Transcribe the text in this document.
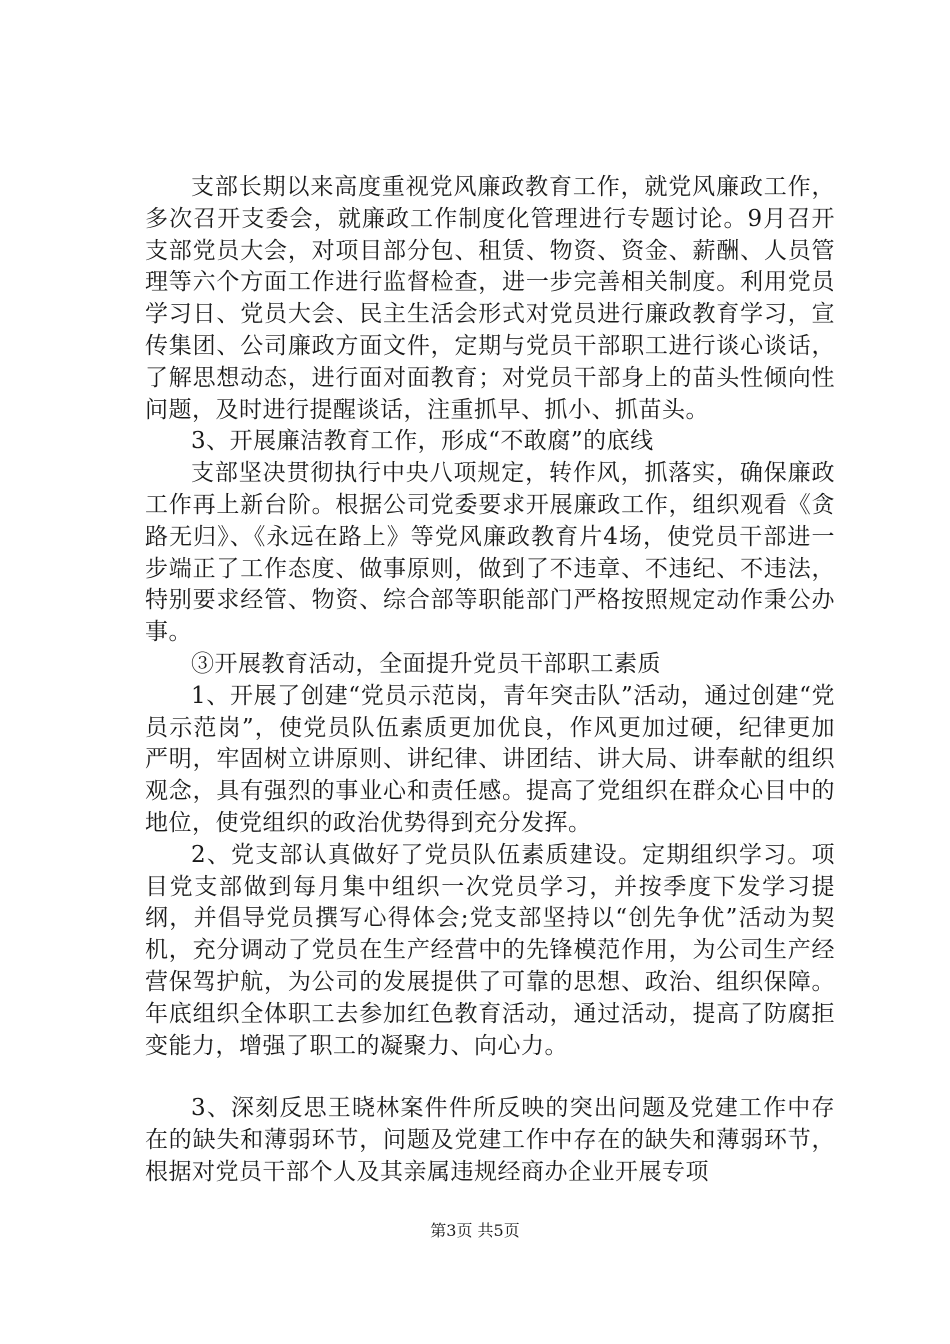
支部长期以来高度重视党风廉政教育工作，就党风廉政工作，多次召开支委会，就廉政工作制度化管理进行专题讨论。9月召开支部党员大会，对项目部分包、租赁、物资、资金、薪酬、人员管理等六个方面工作进行监督检查，进一步完善相关制度。利用党员学习日、党员大会、民主生活会形式对党员进行廉政教育学习，宣传集团、公司廉政方面文件，定期与党员干部职工进行谈心谈话，了解思想动态，进行面对面教育；对党员干部身上的苗头性倾向性问题，及时进行提醒谈话，注重抓早、抓小、抓苗头。

3、开展廉洁教育工作，形成“不敢腐”的底线

支部坚决贯彻执行中央八项规定，转作风，抓落实，确保廉政工作再上新台阶。根据公司党委要求开展廉政工作，组织观看《贪路无归》、《永远在路上》等党风廉政教育片4场，使党员干部进一步端正了工作态度、做事原则，做到了不违章、不违纪、不违法，特别要求经管、物资、综合部等职能部门严格按照规定动作秉公办事。

③开展教育活动，全面提升党员干部职工素质

1、开展了创建“党员示范岗，青年突击队”活动，通过创建“党员示范岗”，使党员队伍素质更加优良，作风更加过硬，纪律更加严明，牢固树立讲原则、讲纪律、讲团结、讲大局、讲奉献的组织观念，具有强烈的事业心和责任感。提高了党组织在群众心目中的地位，使党组织的政治优势得到充分发挥。

2、党支部认真做好了党员队伍素质建设。定期组织学习。项目党支部做到每月集中组织一次党员学习，并按季度下发学习提纲，并倡导党员撰写心得体会;党支部坚持以“创先争优”活动为契机，充分调动了党员在生产经营中的先锋模范作用，为公司生产经营保驾护航，为公司的发展提供了可靠的思想、政治、组织保障。年底组织全体职工去参加红色教育活动，通过活动，提高了防腐拒变能力，增强了职工的凝聚力、向心力。

3、深刻反思王晓林案件件所反映的突出问题及党建工作中存在的缺失和薄弱环节，问题及党建工作中存在的缺失和薄弱环节，根据对党员干部个人及其亲属违规经商办企业开展专项

第3页 共5页
